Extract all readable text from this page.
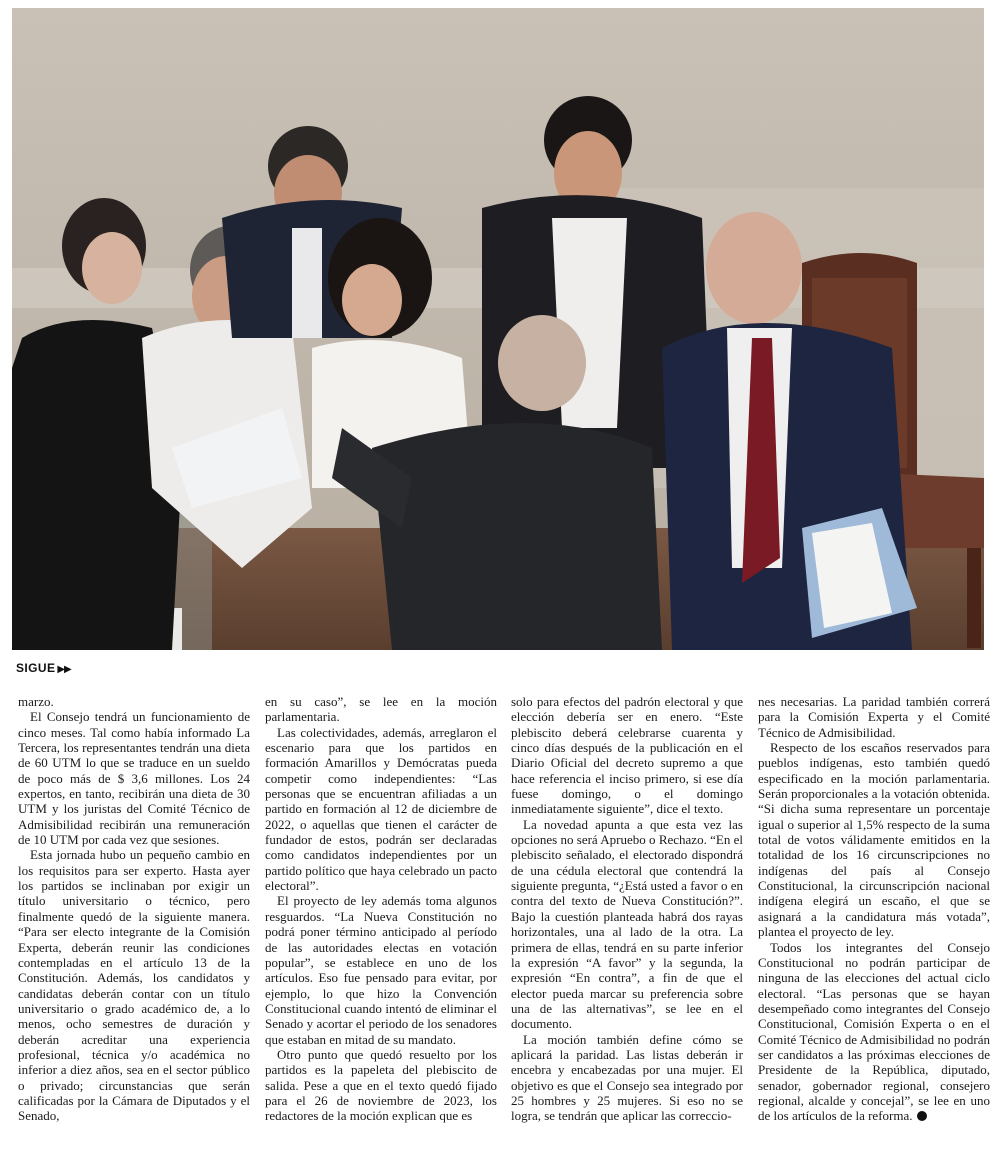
SIGUE ▶▶

marzo.

El Consejo tendrá un funcionamiento de cinco meses. Tal como había informado La Tercera, los representantes tendrán una dieta de 60 UTM lo que se traduce en un sueldo de poco más de $ 3,6 millones. Los 24 expertos, en tanto, recibirán una dieta de 30 UTM y los juristas del Comité Técnico de Admisibilidad recibirán una remuneración de 10 UTM por cada vez que sesiones.

Esta jornada hubo un pequeño cambio en los requisitos para ser experto. Hasta ayer los partidos se inclinaban por exigir un título universitario o técnico, pero finalmente quedó de la siguiente manera. “Para ser electo integrante de la Comisión Experta, deberán reunir las condiciones contempladas en el artículo 13 de la Constitución. Además, los candidatos y candidatas deberán contar con un título universitario o grado académico de, a lo menos, ocho semestres de duración y deberán acreditar una experiencia profesional, técnica y/o académica no inferior a diez años, sea en el sector público o privado; circunstancias que serán calificadas por la Cámara de Diputados y el Senado,

en su caso”, se lee en la moción parlamentaria.

Las colectividades, además, arreglaron el escenario para que los partidos en formación Amarillos y Demócratas pueda competir como independientes: “Las personas que se encuentran afiliadas a un partido en formación al 12 de diciembre de 2022, o aquellas que tienen el carácter de fundador de estos, podrán ser declaradas como candidatos independientes por un partido político que haya celebrado un pacto electoral”.

El proyecto de ley además toma algunos resguardos. “La Nueva Constitución no podrá poner término anticipado al período de las autoridades electas en votación popular”, se establece en uno de los artículos. Eso fue pensado para evitar, por ejemplo, lo que hizo la Convención Constitucional cuando intentó de eliminar el Senado y acortar el periodo de los senadores que estaban en mitad de su mandato.

Otro punto que quedó resuelto por los partidos es la papeleta del plebiscito de salida. Pese a que en el texto quedó fijado para el 26 de noviembre de 2023, los redactores de la moción explican que es

solo para efectos del padrón electoral y que elección debería ser en enero. “Este plebiscito deberá celebrarse cuarenta y cinco días después de la publicación en el Diario Oficial del decreto supremo a que hace referencia el inciso primero, si ese día fuese domingo, o el domingo inmediatamente siguiente”, dice el texto.

La novedad apunta a que esta vez las opciones no será Apruebo o Rechazo. “En el plebiscito señalado, el electorado dispondrá de una cédula electoral que contendrá la siguiente pregunta, “¿Está usted a favor o en contra del texto de Nueva Constitución?”. Bajo la cuestión planteada habrá dos rayas horizontales, una al lado de la otra. La primera de ellas, tendrá en su parte inferior la expresión “A favor” y la segunda, la expresión “En contra”, a fin de que el elector pueda marcar su preferencia sobre una de las alternativas”, se lee en el documento.

La moción también define cómo se aplicará la paridad. Las listas deberán ir encebra y encabezadas por una mujer. El objetivo es que el Consejo sea integrado por 25 hombres y 25 mujeres. Si eso no se logra, se tendrán que aplicar las correccio-

nes necesarias. La paridad también correrá para la Comisión Experta y el Comité Técnico de Admisibilidad.

Respecto de los escaños reservados para pueblos indígenas, esto también quedó especificado en la moción parlamentaria. Serán proporcionales a la votación obtenida. “Si dicha suma representare un porcentaje igual o superior al 1,5% respecto de la suma total de votos válidamente emitidos en la totalidad de los 16 circunscripciones no indígenas del país al Consejo Constitucional, la circunscripción nacional indígena elegirá un escaño, el que se asignará a la candidatura más votada”, plantea el proyecto de ley.

Todos los integrantes del Consejo Constitucional no podrán participar de ninguna de las elecciones del actual ciclo electoral. “Las personas que se hayan desempeñado como integrantes del Consejo Constitucional, Comisión Experta o en el Comité Técnico de Admisibilidad no podrán ser candidatos a las próximas elecciones de Presidente de la República, diputado, senador, gobernador regional, consejero regional, alcalde y concejal”, se lee en uno de los artículos de la reforma.
